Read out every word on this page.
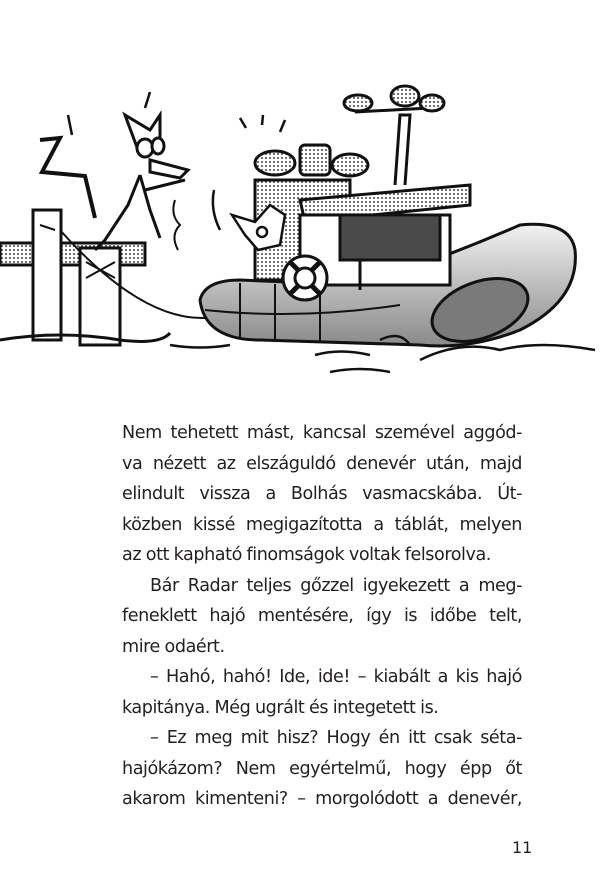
Nem tehetett mást, kancsal szemével aggód-
va nézett az elszáguldó denevér után, majd
elindult vissza a Bolhás vasmacskába. Út-
közben kissé megigazította a táblát, melyen
az ott kapható finomságok voltak felsorolva.
Bár Radar teljes gőzzel igyekezett a meg-
feneklett hajó mentésére, így is időbe telt,
mire odaért.
– Hahó, hahó! Ide, ide! – kiabált a kis hajó
kapitánya. Még ugrált és integetett is.
– Ez meg mit hisz? Hogy én itt csak séta-
hajókázom? Nem egyértelmű, hogy épp őt
akarom kimenteni? – morgolódott a denevér,
11
